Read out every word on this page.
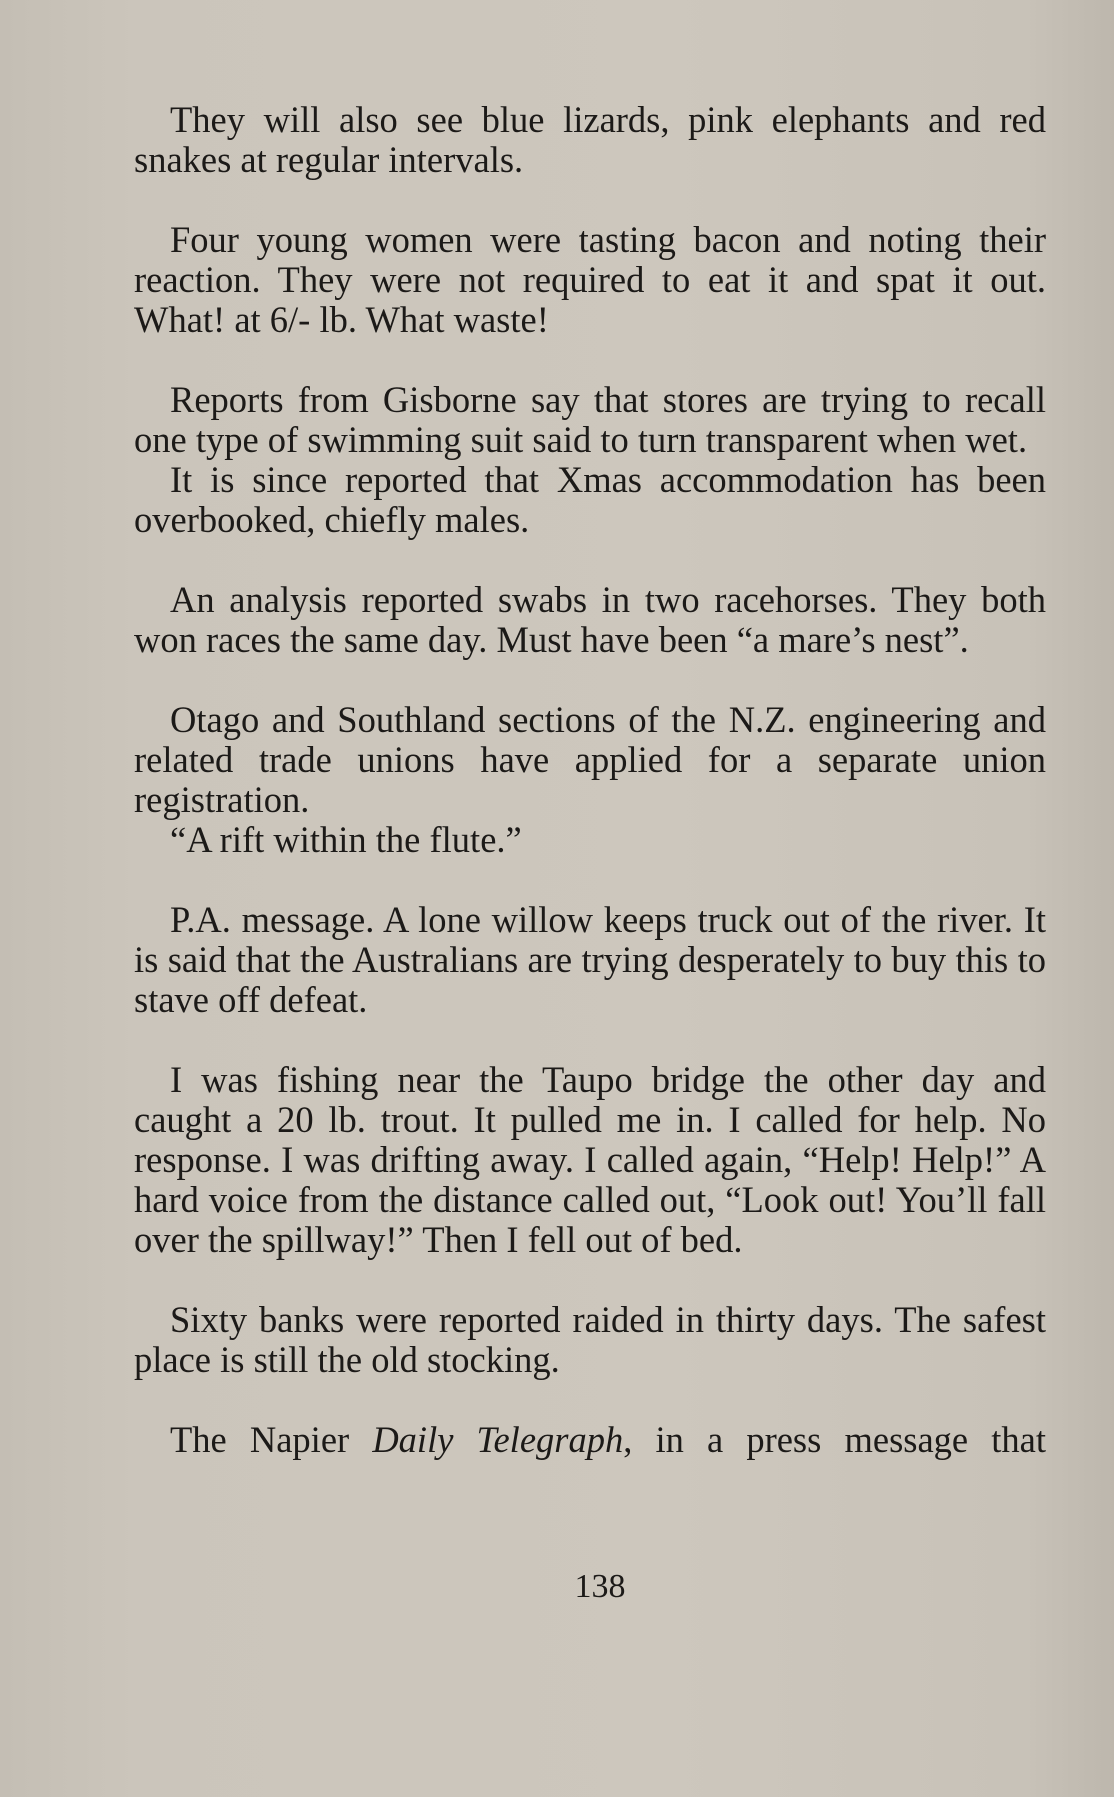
They will also see blue lizards, pink elephants and red snakes at regular intervals.

Four young women were tasting bacon and noting their reaction. They were not required to eat it and spat it out. What! at 6/- lb. What waste!

Reports from Gisborne say that stores are trying to recall one type of swimming suit said to turn transparent when wet.

It is since reported that Xmas accommodation has been overbooked, chiefly males.

An analysis reported swabs in two racehorses. They both won races the same day. Must have been “a mare’s nest”.

Otago and Southland sections of the N.Z. engineering and related trade unions have applied for a separate union registration.

“A rift within the flute.”

P.A. message. A lone willow keeps truck out of the river. It is said that the Australians are trying desperately to buy this to stave off defeat.

I was fishing near the Taupo bridge the other day and caught a 20 lb. trout. It pulled me in. I called for help. No response. I was drifting away. I called again, “Help! Help!” A hard voice from the distance called out, “Look out! You’ll fall over the spillway!” Then I fell out of bed.

Sixty banks were reported raided in thirty days. The safest place is still the old stocking.

The Napier Daily Telegraph, in a press message that

138
